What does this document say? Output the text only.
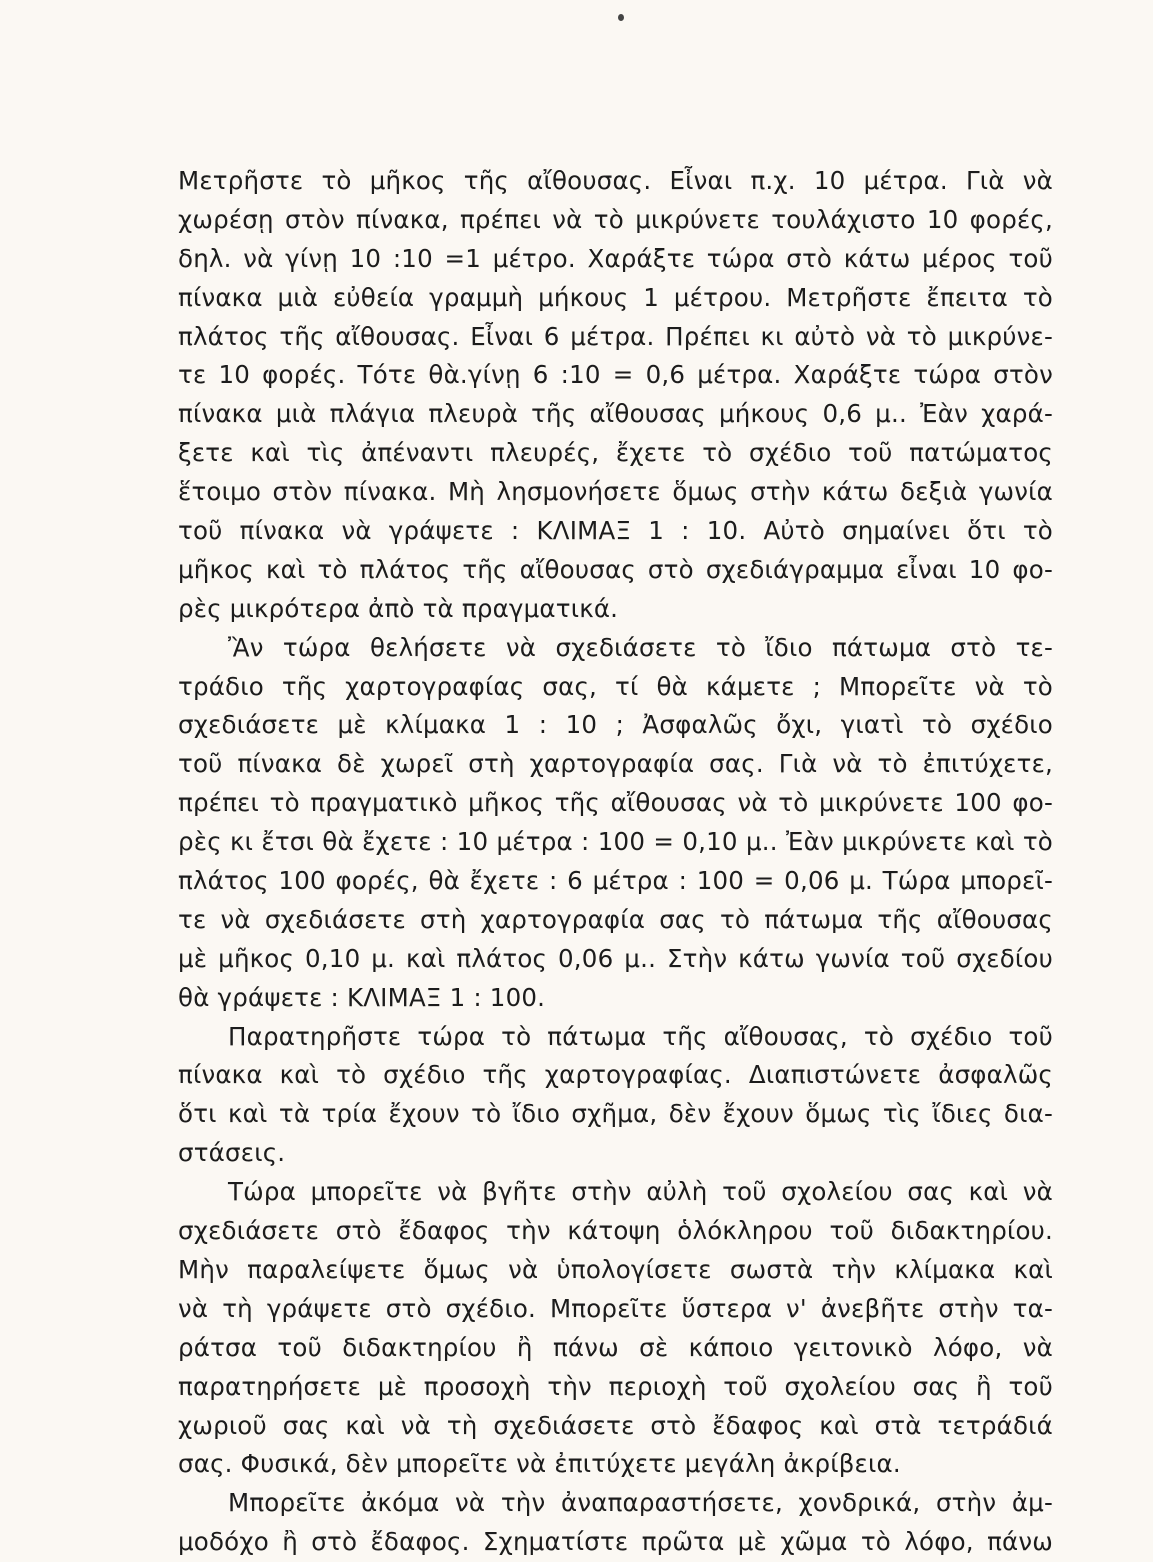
Μετρῆστε τὸ μῆκος τῆς αἴθουσας. Εἶναι π.χ. 10 μέτρα. Γιὰ νὰ
χωρέσῃ στὸν πίνακα, πρέπει νὰ τὸ μικρύνετε τουλάχιστο 10 φορές,
δηλ. νὰ γίνῃ 10 :10 =1 μέτρο. Χαράξτε τώρα στὸ κάτω μέρος τοῦ
πίνακα μιὰ εὐθεία γραμμὴ μήκους 1 μέτρου. Μετρῆστε ἔπειτα τὸ
πλάτος τῆς αἴθουσας. Εἶναι 6 μέτρα. Πρέπει κι αὐτὸ νὰ τὸ μικρύνε-
τε 10 φορές. Τότε θὰ.γίνῃ 6 :10 = 0,6 μέτρα. Χαράξτε τώρα στὸν
πίνακα μιὰ πλάγια πλευρὰ τῆς αἴθουσας μήκους 0,6 μ.. Ἐὰν χαρά-
ξετε καὶ τὶς ἀπέναντι πλευρές, ἔχετε τὸ σχέδιο τοῦ πατώματος
ἕτοιμο στὸν πίνακα. Μὴ λησμονήσετε ὅμως στὴν κάτω δεξιὰ γωνία
τοῦ πίνακα νὰ γράψετε : ΚΛΙΜΑΞ 1 : 10. Αὐτὸ σημαίνει ὅτι τὸ
μῆκος καὶ τὸ πλάτος τῆς αἴθουσας στὸ σχεδιάγραμμα εἶναι 10 φο-
ρὲς μικρότερα ἀπὸ τὰ πραγματικά.
Ἂν τώρα θελήσετε νὰ σχεδιάσετε τὸ ἴδιο πάτωμα στὸ τε-
τράδιο τῆς χαρτογραφίας σας, τί θὰ κάμετε ; Μπορεῖτε νὰ τὸ
σχεδιάσετε μὲ κλίμακα 1 : 10 ; Ἀσφαλῶς ὄχι, γιατὶ τὸ σχέδιο
τοῦ πίνακα δὲ χωρεῖ στὴ χαρτογραφία σας. Γιὰ νὰ τὸ ἐπιτύχετε,
πρέπει τὸ πραγματικὸ μῆκος τῆς αἴθουσας νὰ τὸ μικρύνετε 100 φο-
ρὲς κι ἔτσι θὰ ἔχετε : 10 μέτρα : 100 = 0,10 μ.. Ἐὰν μικρύνετε καὶ τὸ
πλάτος 100 φορές, θὰ ἔχετε : 6 μέτρα : 100 = 0,06 μ. Τώρα μπορεῖ-
τε νὰ σχεδιάσετε στὴ χαρτογραφία σας τὸ πάτωμα τῆς αἴθουσας
μὲ μῆκος 0,10 μ. καὶ πλάτος 0,06 μ.. Στὴν κάτω γωνία τοῦ σχεδίου
θὰ γράψετε : ΚΛΙΜΑΞ 1 : 100.
Παρατηρῆστε τώρα τὸ πάτωμα τῆς αἴθουσας, τὸ σχέδιο τοῦ
πίνακα καὶ τὸ σχέδιο τῆς χαρτογραφίας. Διαπιστώνετε ἀσφαλῶς
ὅτι καὶ τὰ τρία ἔχουν τὸ ἴδιο σχῆμα, δὲν ἔχουν ὅμως τὶς ἴδιες δια-
στάσεις.
Τώρα μπορεῖτε νὰ βγῆτε στὴν αὐλὴ τοῦ σχολείου σας καὶ νὰ
σχεδιάσετε στὸ ἔδαφος τὴν κάτοψη ὁλόκληρου τοῦ διδακτηρίου.
Μὴν παραλείψετε ὅμως νὰ ὑπολογίσετε σωστὰ τὴν κλίμακα καὶ
νὰ τὴ γράψετε στὸ σχέδιο. Μπορεῖτε ὕστερα ν' ἀνεβῆτε στὴν τα-
ράτσα τοῦ διδακτηρίου ἢ πάνω σὲ κάποιο γειτονικὸ λόφο, νὰ
παρατηρήσετε μὲ προσοχὴ τὴν περιοχὴ τοῦ σχολείου σας ἢ τοῦ
χωριοῦ σας καὶ νὰ τὴ σχεδιάσετε στὸ ἔδαφος καὶ στὰ τετράδιά
σας. Φυσικά, δὲν μπορεῖτε νὰ ἐπιτύχετε μεγάλη ἀκρίβεια.
Μπορεῖτε ἀκόμα νὰ τὴν ἀναπαραστήσετε, χονδρικά, στὴν ἀμ-
μοδόχο ἢ στὸ ἔδαφος. Σχηματίστε πρῶτα μὲ χῶμα τὸ λόφο, πάνω
